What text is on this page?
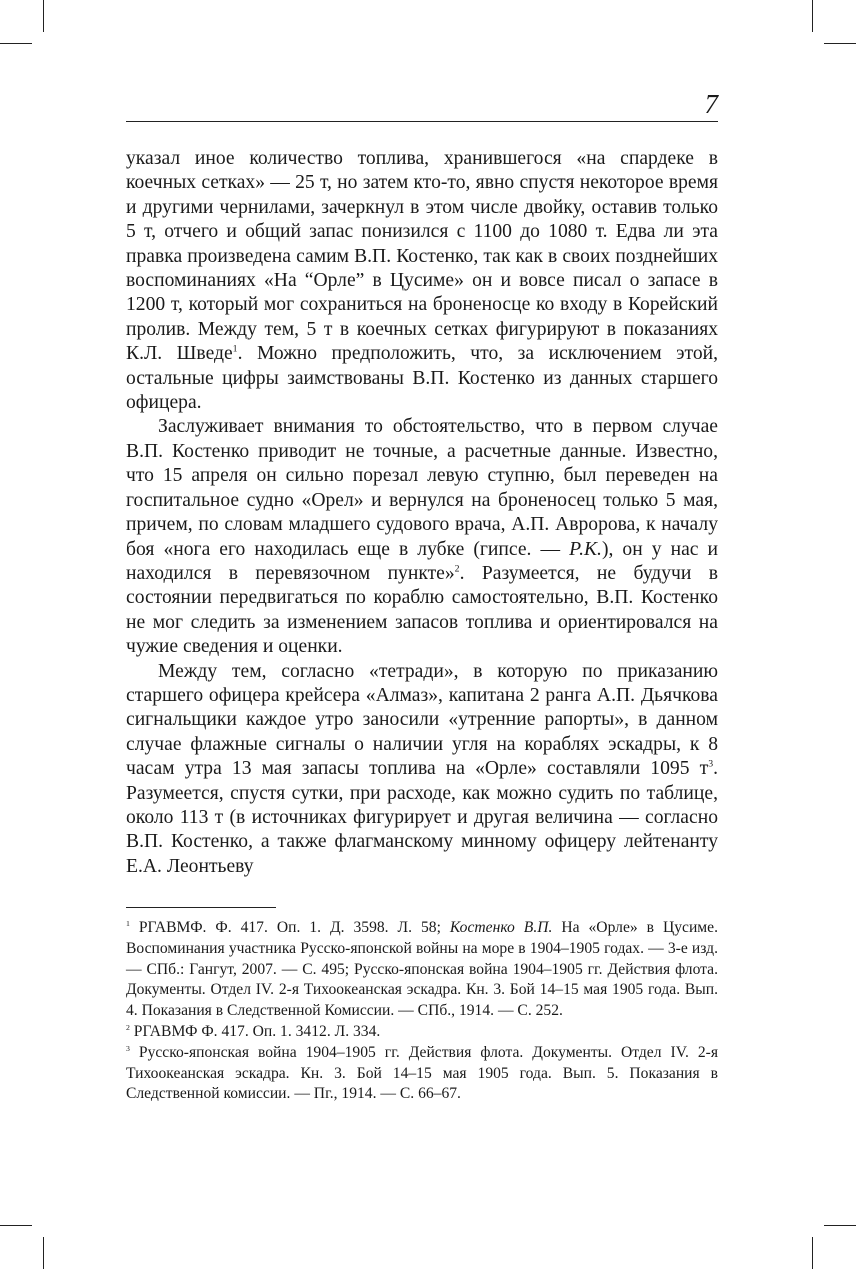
7

указал иное количество топлива, хранившегося «на спардеке в коечных сетках» — 25 т, но затем кто-то, явно спустя некоторое время и другими чернилами, зачеркнул в этом числе двойку, оставив только 5 т, отчего и общий запас понизился с 1100 до 1080 т. Едва ли эта правка произведена самим В.П. Костенко, так как в своих позднейших воспоминаниях «На “Орле” в Цусиме» он и вовсе писал о запасе в 1200 т, который мог сохраниться на броненосце ко входу в Корейский пролив. Между тем, 5 т в коечных сетках фигурируют в показаниях К.Л. Шведе$^1$. Можно предположить, что, за исключением этой, остальные цифры заимствованы В.П. Костенко из данных старшего офицера.

Заслуживает внимания то обстоятельство, что в первом случае В.П. Костенко приводит не точные, а расчетные данные. Известно, что 15 апреля он сильно порезал левую ступню, был переведен на госпитальное судно «Орел» и вернулся на броненосец только 5 мая, причем, по словам младшего судового врача, А.П. Авророва, к началу боя «нога его находилась еще в лубке (гипсе. — Р.К.), он у нас и находился в перевязочном пункте»$^2$. Разумеется, не будучи в состоянии передвигаться по кораблю самостоятельно, В.П. Костенко не мог следить за изменением запасов топлива и ориентировался на чужие сведения и оценки.

Между тем, согласно «тетради», в которую по приказанию старшего офицера крейсера «Алмаз», капитана 2 ранга А.П. Дьячкова сигнальщики каждое утро заносили «утренние рапорты», в данном случае флажные сигналы о наличии угля на кораблях эскадры, к 8 часам утра 13 мая запасы топлива на «Орле» составляли 1095 $т^3$. Разумеется, спустя сутки, при расходе, как можно судить по таблице, около 113 т (в источниках фигурирует и другая величина — согласно В.П. Костенко, а также флагманскому минному офицеру лейтенанту Е.А. Леонтьеву

$^1$ РГАВМФ. Ф. 417. Оп. 1. Д. 3598. Л. 58; Костенко В.П. На «Орле» в Цусиме. Воспоминания участника Русско-японской войны на море в 1904–1905 годах. — 3-е изд. — СПб.: Гангут, 2007. — С. 495; Русско-японская война 1904–1905 гг. Действия флота. Документы. Отдел IV. 2-я Тихоокеанская эскадра. Кн. 3. Бой 14–15 мая 1905 года. Вып. 4. Показания в Следственной Комиссии. — СПб., 1914. — С. 252.

$^2$ РГАВМФ Ф. 417. Оп. 1. 3412. Л. 334.

$^3$ Русско-японская война 1904–1905 гг. Действия флота. Документы. Отдел IV. 2-я Тихоокеанская эскадра. Кн. 3. Бой 14–15 мая 1905 года. Вып. 5. Показания в Следственной комиссии. — Пг., 1914. — С. 66–67.
